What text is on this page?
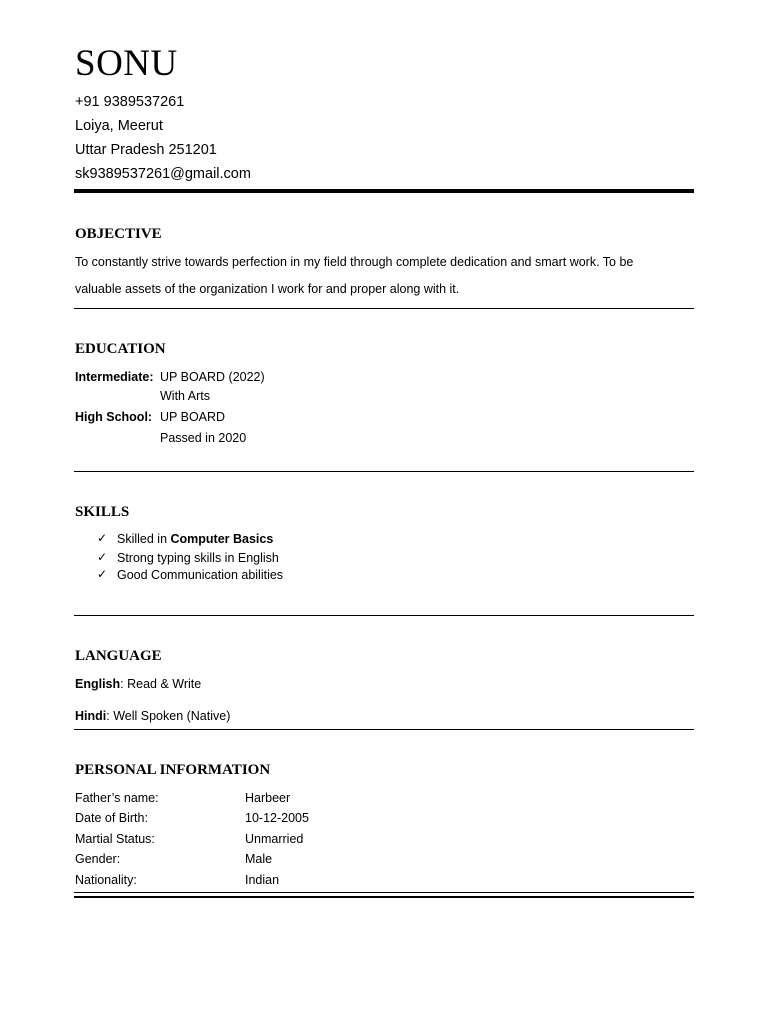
SONU
+91 9389537261
Loiya, Meerut
Uttar Pradesh 251201
sk9389537261@gmail.com
OBJECTIVE
To constantly strive towards perfection in my field through complete dedication and smart work. To be
valuable assets of the organization I work for and proper along with it.
EDUCATION
Intermediate: UP BOARD (2022)
With Arts
High School: UP BOARD
Passed in 2020
SKILLS
✓ Skilled in Computer Basics
✓ Strong typing skills in English
✓ Good Communication abilities
LANGUAGE
English: Read & Write
Hindi: Well Spoken (Native)
PERSONAL INFORMATION
Father’s name:	Harbeer
Date of Birth:	10-12-2005
Martial Status:	Unmarried
Gender:	Male
Nationality:	Indian
